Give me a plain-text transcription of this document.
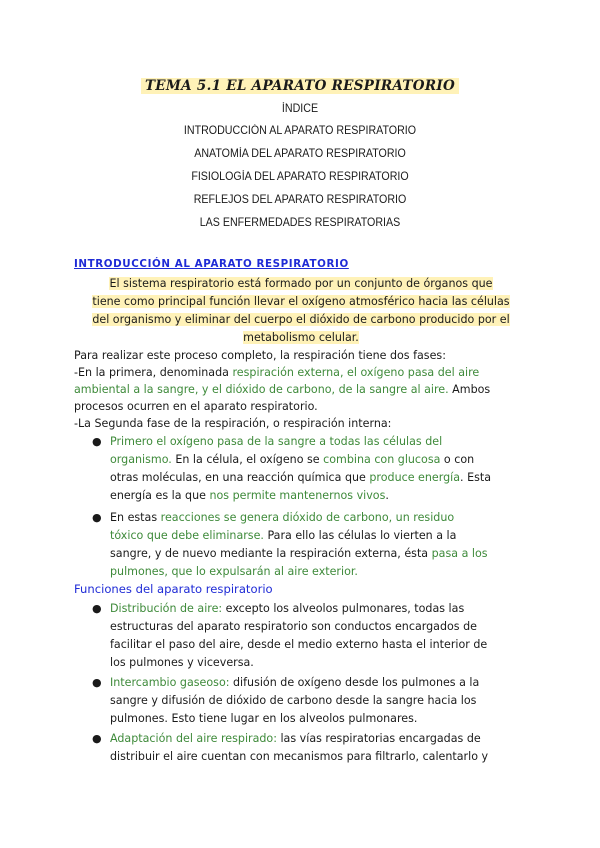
TEMA 5.1 EL APARATO RESPIRATORIO
ÍNDICE
INTRODUCCIÓN AL APARATO RESPIRATORIO
ANATOMÍA DEL APARATO RESPIRATORIO
FISIOLOGÍA DEL APARATO RESPIRATORIO
REFLEJOS DEL APARATO RESPIRATORIO
LAS ENFERMEDADES RESPIRATORIAS
INTRODUCCIÓN AL APARATO RESPIRATORIO
El sistema respiratorio está formado por un conjunto de órganos que
tiene como principal función llevar el oxígeno atmosférico hacia las células
del organismo y eliminar del cuerpo el dióxido de carbono producido por el
metabolismo celular.
Para realizar este proceso completo, la respiración tiene dos fases:
-En la primera, denominada respiración externa, el oxígeno pasa del aire
ambiental a la sangre, y el dióxido de carbono, de la sangre al aire. Ambos
procesos ocurren en el aparato respiratorio.
-La Segunda fase de la respiración, o respiración interna:
● Primero el oxígeno pasa de la sangre a todas las células del
organismo. En la célula, el oxígeno se combina con glucosa o con
otras moléculas, en una reacción química que produce energía. Esta
energía es la que nos permite mantenernos vivos.
● En estas reacciones se genera dióxido de carbono, un residuo
tóxico que debe eliminarse. Para ello las células lo vierten a la
sangre, y de nuevo mediante la respiración externa, ésta pasa a los
pulmones, que lo expulsarán al aire exterior.
Funciones del aparato respiratorio
● Distribución de aire: excepto los alveolos pulmonares, todas las
estructuras del aparato respiratorio son conductos encargados de
facilitar el paso del aire, desde el medio externo hasta el interior de
los pulmones y viceversa.
● Intercambio gaseoso: difusión de oxígeno desde los pulmones a la
sangre y difusión de dióxido de carbono desde la sangre hacia los
pulmones. Esto tiene lugar en los alveolos pulmonares.
● Adaptación del aire respirado: las vías respiratorias encargadas de
distribuir el aire cuentan con mecanismos para filtrarlo, calentarlo y
